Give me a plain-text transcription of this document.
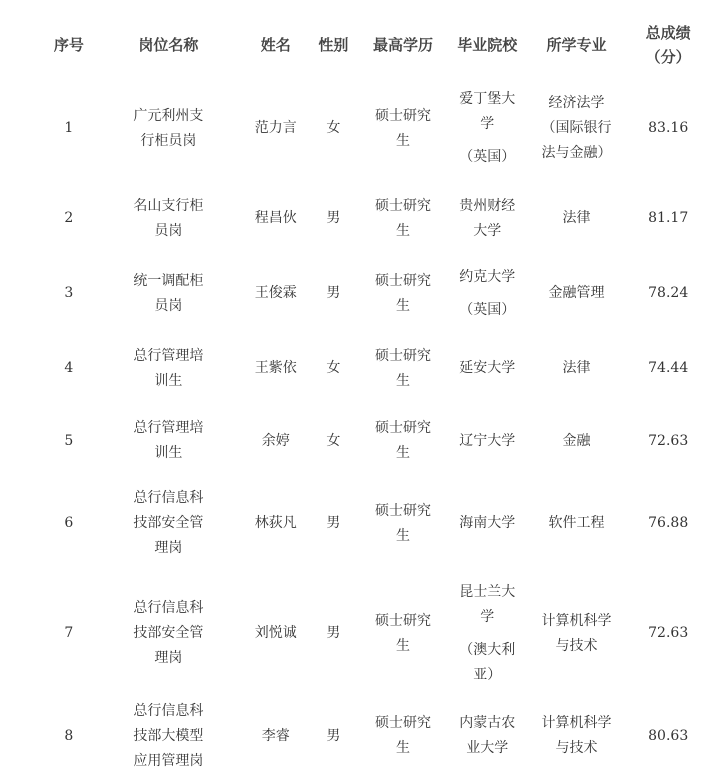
序号	岗位名称	姓名	性别	最高学历	毕业院校	所学专业	总成绩
（分）

1	广元利州支
行柜员岗	范力言	女	硕士研究
生	爱丁堡大
学
（英国）	经济法学
（国际银行
法与金融）	83.16
2	名山支行柜
员岗	程昌伙	男	硕士研究
生	贵州财经
大学	法律	81.17
3	统一调配柜
员岗	王俊霖	男	硕士研究
生	约克大学
（英国）	金融管理	78.24
4	总行管理培
训生	王紫依	女	硕士研究
生	延安大学	法律	74.44
5	总行管理培
训生	余婷	女	硕士研究
生	辽宁大学	金融	72.63
6	总行信息科
技部安全管
理岗	林荻凡	男	硕士研究
生	海南大学	软件工程	76.88
7	总行信息科
技部安全管
理岗	刘悦诚	男	硕士研究
生	昆士兰大
学
（澳大利
亚）	计算机科学
与技术	72.63
8	总行信息科
技部大模型
应用管理岗	李睿	男	硕士研究
生	内蒙古农
业大学	计算机科学
与技术	80.63
